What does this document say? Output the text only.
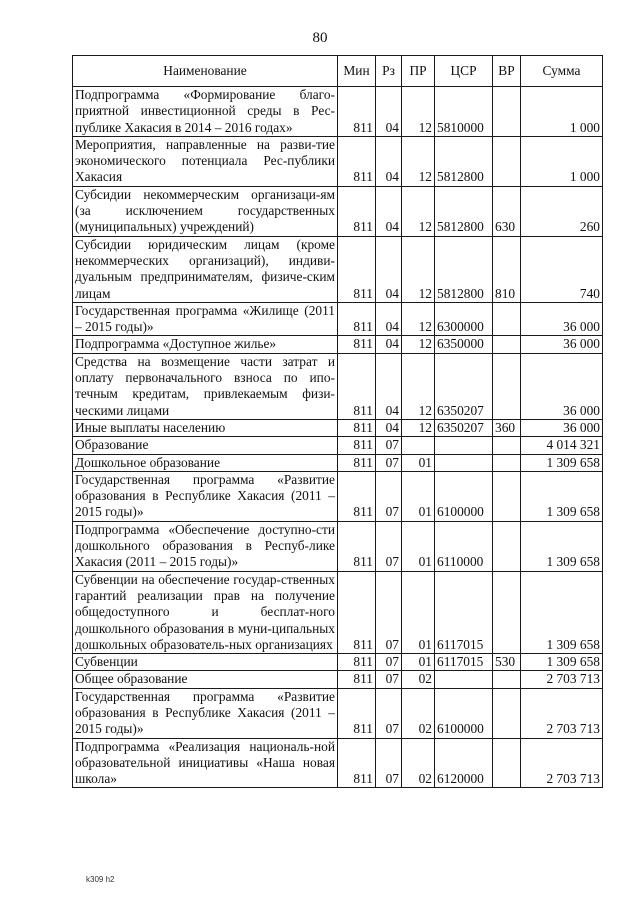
80
Наименование	Мин	Рз	ПР	ЦСР	ВР	Сумма
Подпрограмма «Формирование благо-приятной инвестиционной среды в Рес-публике Хакасия в 2014 – 2016 годах»	811	04	12	5810000		1 000
Мероприятия, направленные на разви-тие экономического потенциала Рес-публики Хакасия	811	04	12	5812800		1 000
Субсидии некоммерческим организаци-ям (за исключением государственных (муниципальных) учреждений)	811	04	12	5812800	630	260
Субсидии юридическим лицам (кроме некоммерческих организаций), индиви-дуальным предпринимателям, физиче-ским лицам	811	04	12	5812800	810	740
Государственная программа «Жилище (2011 – 2015 годы)»	811	04	12	6300000		36 000
Подпрограмма «Доступное жилье»	811	04	12	6350000		36 000
Средства на возмещение части затрат и оплату первоначального взноса по ипо-течным кредитам, привлекаемым физи-ческими лицами	811	04	12	6350207		36 000
Иные выплаты населению	811	04	12	6350207	360	36 000
Образование	811	07				4 014 321
Дошкольное образование	811	07	01			1 309 658
Государственная программа «Развитие образования в Республике Хакасия (2011 – 2015 годы)»	811	07	01	6100000		1 309 658
Подпрограмма «Обеспечение доступно-сти дошкольного образования в Респуб-лике Хакасия (2011 – 2015 годы)»	811	07	01	6110000		1 309 658
Субвенции на обеспечение государ-ственных гарантий реализации прав на получение общедоступного и бесплат-ного дошкольного образования в муни-ципальных дошкольных образователь-ных организациях	811	07	01	6117015		1 309 658
Субвенции	811	07	01	6117015	530	1 309 658
Общее образование	811	07	02			2 703 713
Государственная программа «Развитие образования в Республике Хакасия (2011 – 2015 годы)»	811	07	02	6100000		2 703 713
Подпрограмма «Реализация националь-ной образовательной инициативы «Наша новая школа»	811	07	02	6120000		2 703 713
k309 h2
